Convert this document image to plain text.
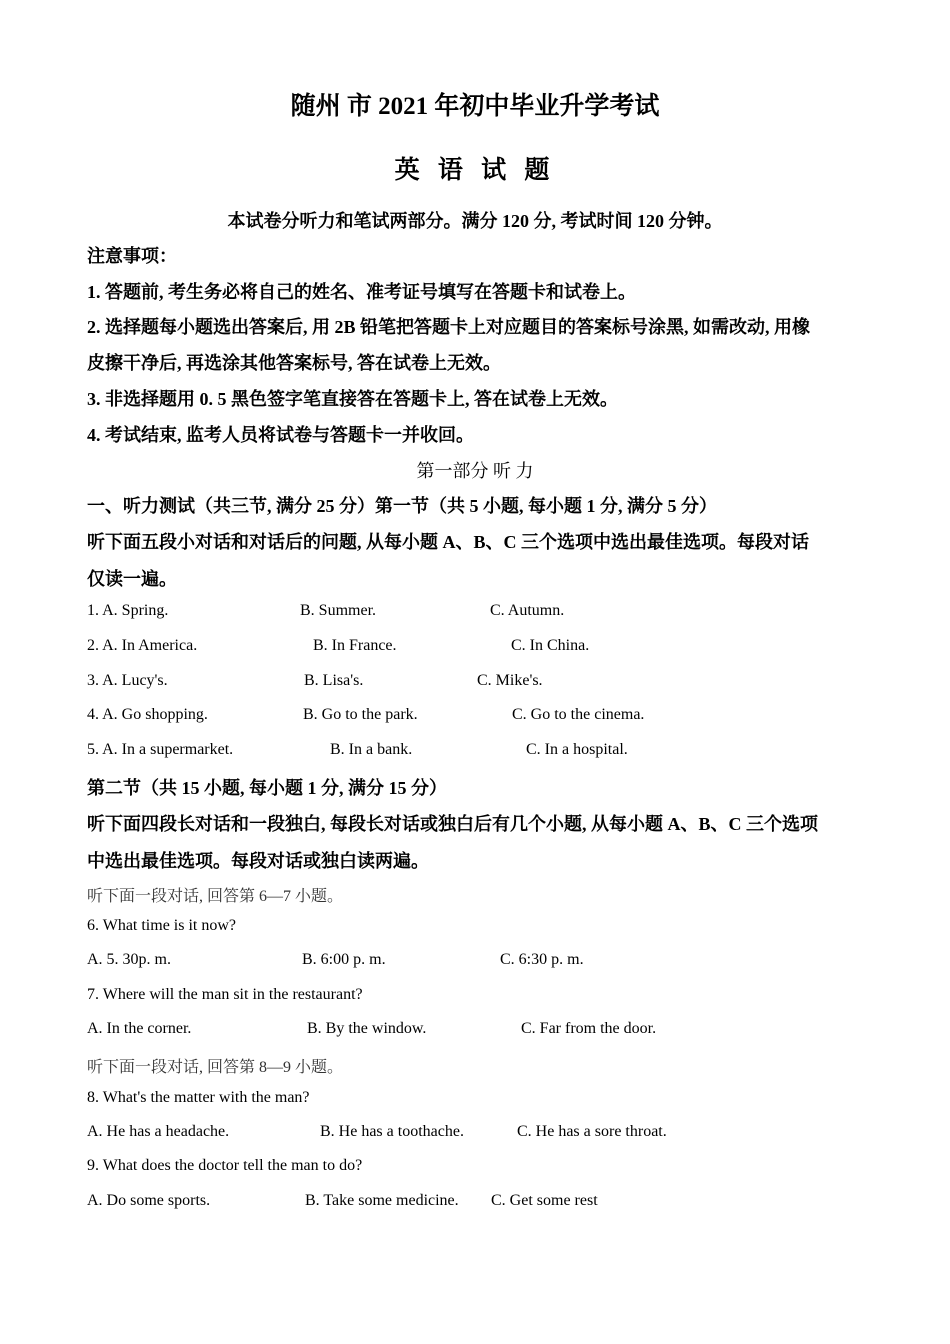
随州 市 2021 年初中毕业升学考试
英 语 试 题
本试卷分听力和笔试两部分。满分 120 分, 考试时间 120 分钟。
注意事项：
1. 答题前, 考生务必将自己的姓名、准考证号填写在答题卡和试卷上。
2. 选择题每小题选出答案后, 用 2B 铅笔把答题卡上对应题目的答案标号涂黑, 如需改动, 用橡
皮擦干净后, 再选涂其他答案标号, 答在试卷上无效。
3. 非选择题用 0. 5 黑色签字笔直接答在答题卡上, 答在试卷上无效。
4. 考试结束, 监考人员将试卷与答题卡一并收回。
第一部分 听 力
一、听力测试（共三节, 满分 25 分）第一节（共 5 小题, 每小题 1 分, 满分 5 分）
听下面五段小对话和对话后的问题, 从每小题 A、B、C 三个选项中选出最佳选项。每段对话
仅读一遍。
1. A. Spring.	B. Summer.	C. Autumn.
2. A. In America.	B. In France.	C. In China.
3. A. Lucy's.	B. Lisa's.	C. Mike's.
4. A. Go shopping.	B. Go to the park.	C. Go to the cinema.
5. A. In a supermarket.	B. In a bank.	C. In a hospital.
第二节（共 15 小题, 每小题 1 分, 满分 15 分）
听下面四段长对话和一段独白, 每段长对话或独白后有几个小题, 从每小题 A、B、C 三个选项
中选出最佳选项。每段对话或独白读两遍。
听下面一段对话, 回答第 6—7 小题。
6. What time is it now?
A. 5. 30p. m.	B. 6:00 p. m.	C. 6:30 p. m.
7. Where will the man sit in the restaurant?
A. In the corner.	B. By the window.	C. Far from the door.
听下面一段对话, 回答第 8—9 小题。
8. What's the matter with the man?
A. He has a headache.	B. He has a toothache.	C. He has a sore throat.
9. What does the doctor tell the man to do?
A. Do some sports.	B. Take some medicine. C. Get some rest
